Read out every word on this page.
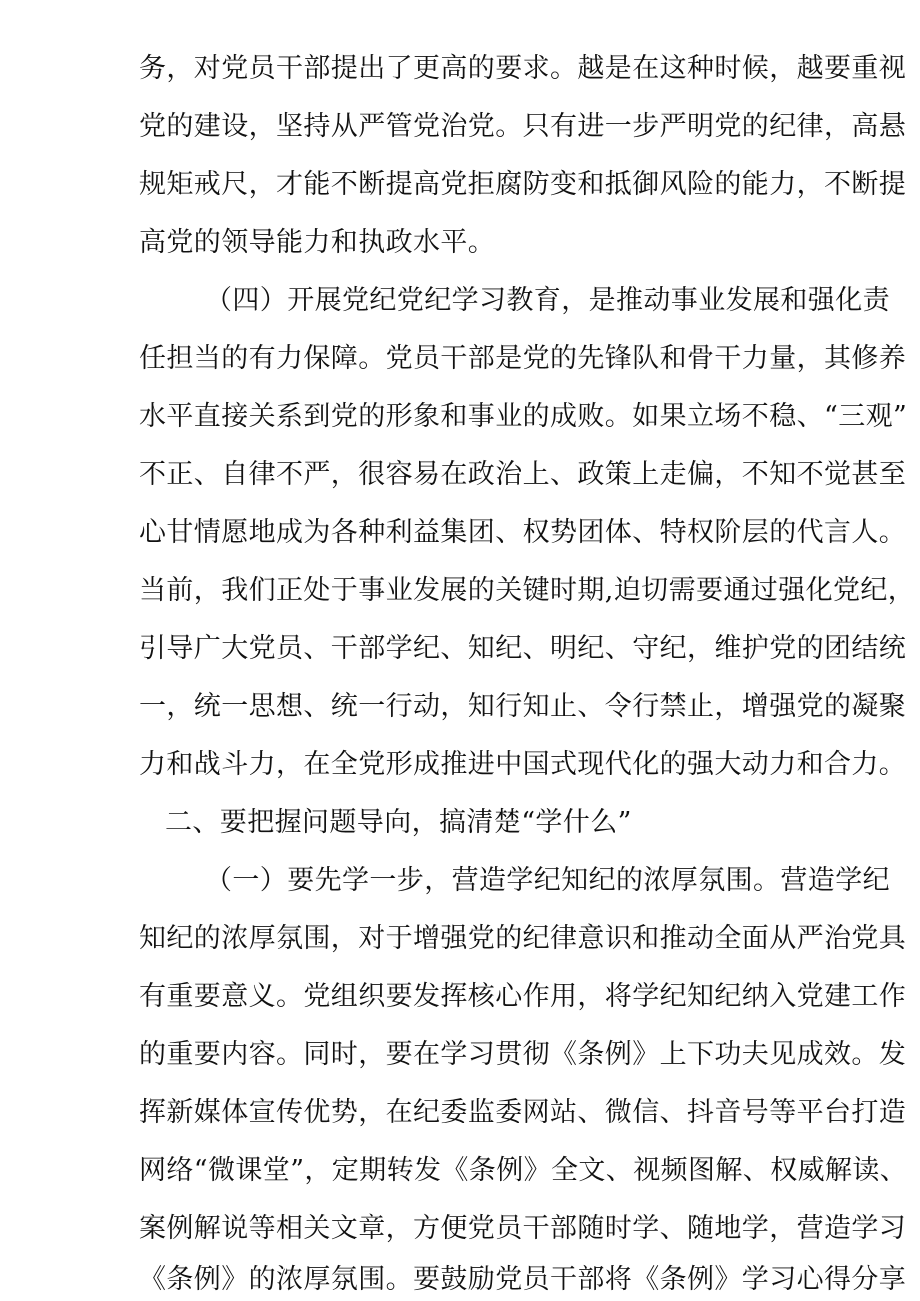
务，对党员干部提出了更高的要求。越是在这种时候，越要重视
党的建设，坚持从严管党治党。只有进一步严明党的纪律，高悬
规矩戒尺，才能不断提高党拒腐防变和抵御风险的能力，不断提
高党的领导能力和执政水平。
（四）开展党纪党纪学习教育，是推动事业发展和强化责
任担当的有力保障。党员干部是党的先锋队和骨干力量，其修养
水平直接关系到党的形象和事业的成败。如果立场不稳、“三观”
不正、自律不严，很容易在政治上、政策上走偏，不知不觉甚至
心甘情愿地成为各种利益集团、权势团体、特权阶层的代言人。
当前，我们正处于事业发展的关键时期,迫切需要通过强化党纪，
引导广大党员、干部学纪、知纪、明纪、守纪，维护党的团结统
一，统一思想、统一行动，知行知止、令行禁止，增强党的凝聚
力和战斗力，在全党形成推进中国式现代化的强大动力和合力。
二、要把握问题导向，搞清楚“学什么”
（一）要先学一步，营造学纪知纪的浓厚氛围。营造学纪
知纪的浓厚氛围，对于增强党的纪律意识和推动全面从严治党具
有重要意义。党组织要发挥核心作用，将学纪知纪纳入党建工作
的重要内容。同时，要在学习贯彻《条例》上下功夫见成效。发
挥新媒体宣传优势，在纪委监委网站、微信、抖音号等平台打造
网络“微课堂”，定期转发《条例》全文、视频图解、权威解读、
案例解说等相关文章，方便党员干部随时学、随地学，营造学习
《条例》的浓厚氛围。要鼓励党员干部将《条例》学习心得分享
